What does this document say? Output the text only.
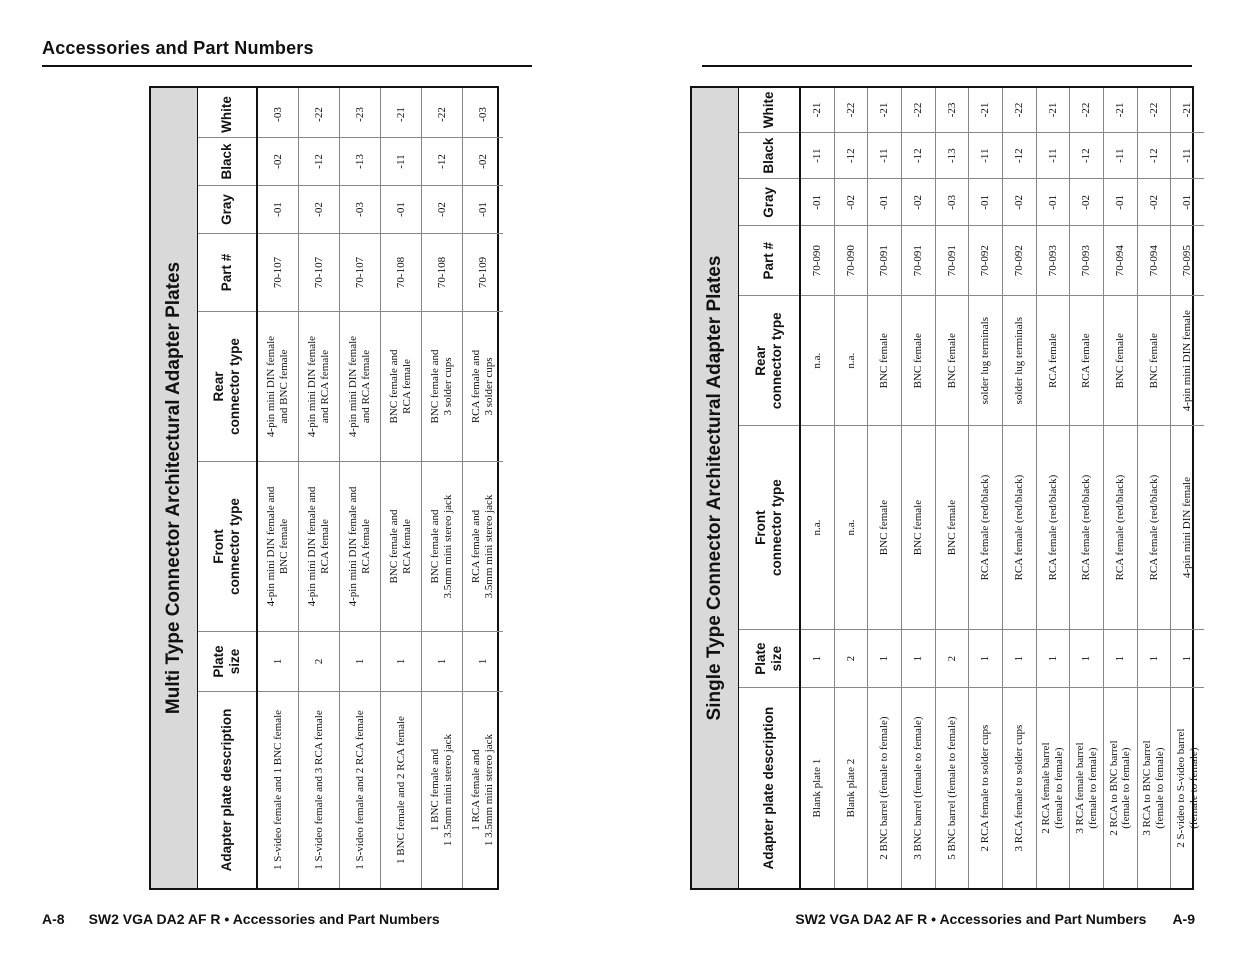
Accessories and Part Numbers
Multi Type Connector Architectural Adapter Plates
Adapter plate description
Plate
size
Front
connector type
Rear
connector type
Part #
Gray
Black
White
1 S-video female and 1 BNC female
1
4-pin mini DIN female and
BNC female
4-pin mini DIN female
and BNC female
70-107
-01
-02
-03
1 S-video female and 3 RCA female
2
4-pin mini DIN female and
RCA female
4-pin mini DIN female
and RCA female
70-107
-02
-12
-22
1 S-video female and 2 RCA female
1
4-pin mini DIN female and
RCA female
4-pin mini DIN female
and RCA female
70-107
-03
-13
-23
1 BNC female and 2 RCA female
1
BNC female and
RCA female
BNC female and
RCA female
70-108
-01
-11
-21
1 BNC female and
1 3.5mm mini stereo jack
1
BNC female and
3.5mm mini stereo jack
BNC female and
3 solder cups
70-108
-02
-12
-22
1 RCA female and
1 3.5mm mini stereo jack
1
RCA female and
3.5mm mini stereo jack
RCA female and
3 solder cups
70-109
-01
-02
-03
Single Type Connector Architectural Adapter Plates
Adapter plate description
Plate
size
Front
connector type
Rear
connector type
Part #
Gray
Black
White
Blank plate 1
1
n.a.
n.a.
70-090
-01
-11
-21
Blank plate 2
2
n.a.
n.a.
70-090
-02
-12
-22
2 BNC barrel (female to female)
1
BNC female
BNC female
70-091
-01
-11
-21
3 BNC barrel (female to female)
1
BNC female
BNC female
70-091
-02
-12
-22
5 BNC barrel (female to female)
2
BNC female
BNC female
70-091
-03
-13
-23
2 RCA female to solder cups
1
RCA female (red/black)
solder lug terminals
70-092
-01
-11
-21
3 RCA female to solder cups
1
RCA female (red/black)
solder lug terminals
70-092
-02
-12
-22
2 RCA female barrel
(female to female)
1
RCA female (red/black)
RCA female
70-093
-01
-11
-21
3 RCA female barrel
(female to female)
1
RCA female (red/black)
RCA female
70-093
-02
-12
-22
2 RCA to BNC barrel
(female to female)
1
RCA female (red/black)
BNC female
70-094
-01
-11
-21
3 RCA to BNC barrel
(female to female)
1
RCA female (red/black)
BNC female
70-094
-02
-12
-22
2 S-video to S-video barrel
(female to female)
1
4-pin mini DIN female
4-pin mini DIN female
70-095
-01
-11
-21
A-8 SW2 VGA DA2 AF R • Accessories and Part Numbers	SW2 VGA DA2 AF R • Accessories and Part Numbers A-9
